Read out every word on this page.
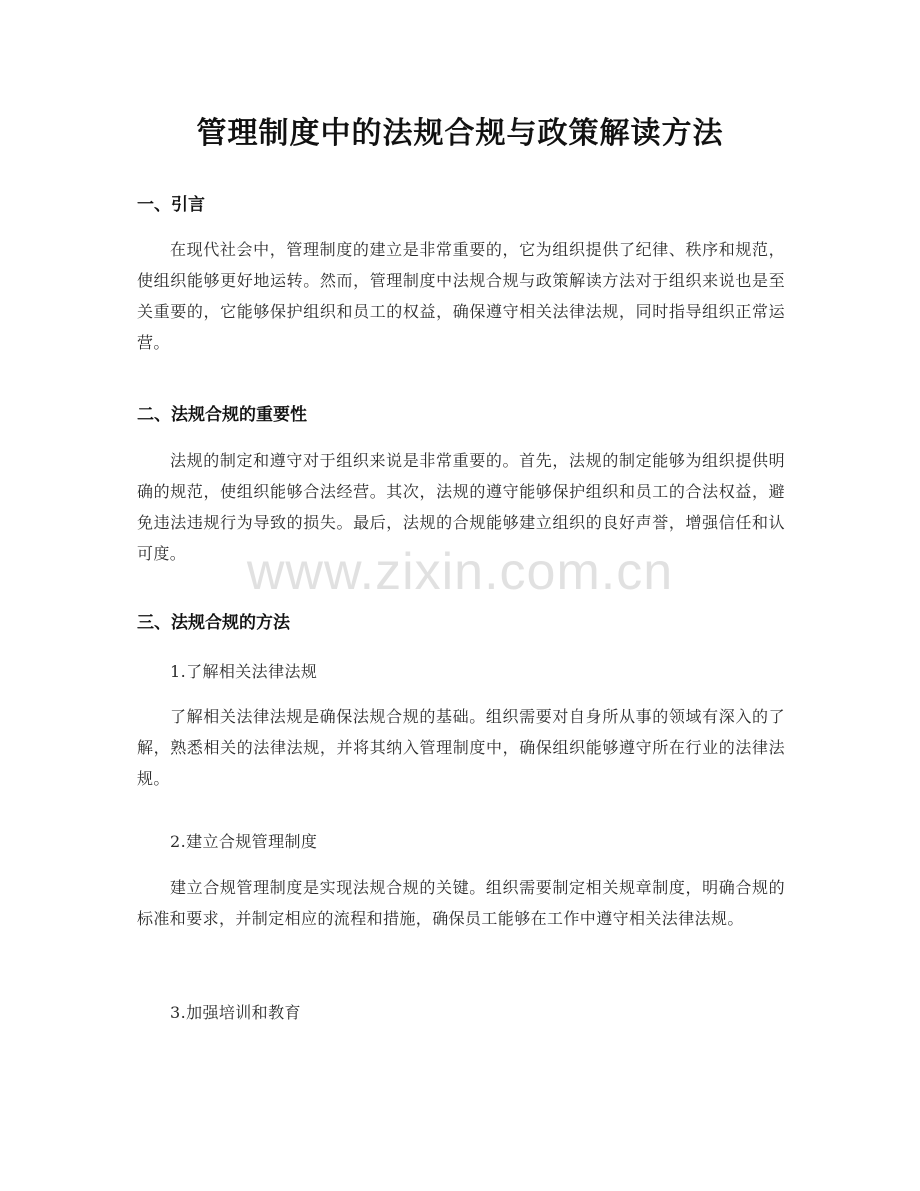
管理制度中的法规合规与政策解读方法
一、引言
在现代社会中，管理制度的建立是非常重要的，它为组织提供了纪律、秩序和规范，使组织能够更好地运转。然而，管理制度中法规合规与政策解读方法对于组织来说也是至关重要的，它能够保护组织和员工的权益，确保遵守相关法律法规，同时指导组织正常运营。
二、法规合规的重要性
法规的制定和遵守对于组织来说是非常重要的。首先，法规的制定能够为组织提供明确的规范，使组织能够合法经营。其次，法规的遵守能够保护组织和员工的合法权益，避免违法违规行为导致的损失。最后，法规的合规能够建立组织的良好声誉，增强信任和认可度。
三、法规合规的方法
1.了解相关法律法规
了解相关法律法规是确保法规合规的基础。组织需要对自身所从事的领域有深入的了解，熟悉相关的法律法规，并将其纳入管理制度中，确保组织能够遵守所在行业的法律法规。
2.建立合规管理制度
建立合规管理制度是实现法规合规的关键。组织需要制定相关规章制度，明确合规的标准和要求，并制定相应的流程和措施，确保员工能够在工作中遵守相关法律法规。
3.加强培训和教育
www.zixin.com.cn
